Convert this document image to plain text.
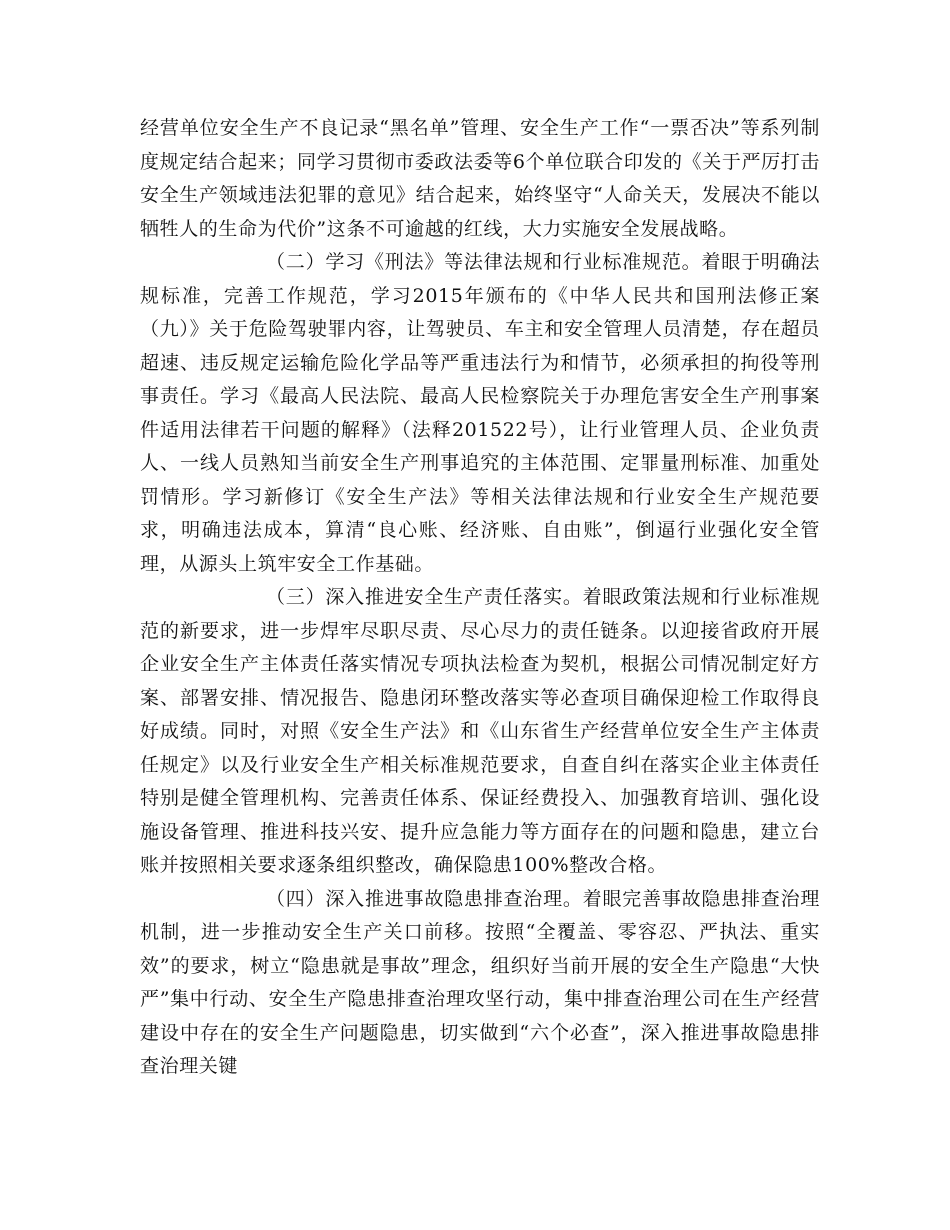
经营单位安全生产不良记录“黑名单”管理、安全生产工作“一票否决”等系列制度规定结合起来；同学习贯彻市委政法委等6个单位联合印发的《关于严厉打击安全生产领域违法犯罪的意见》结合起来，始终坚守“人命关天，发展决不能以牺牲人的生命为代价”这条不可逾越的红线，大力实施安全发展战略。

（二）学习《刑法》等法律法规和行业标准规范。着眼于明确法规标准，完善工作规范，学习2015年颁布的《中华人民共和国刑法修正案（九）》关于危险驾驶罪内容，让驾驶员、车主和安全管理人员清楚，存在超员超速、违反规定运输危险化学品等严重违法行为和情节，必须承担的拘役等刑事责任。学习《最高人民法院、最高人民检察院关于办理危害安全生产刑事案件适用法律若干问题的解释》（法释201522号），让行业管理人员、企业负责人、一线人员熟知当前安全生产刑事追究的主体范围、定罪量刑标准、加重处罚情形。学习新修订《安全生产法》等相关法律法规和行业安全生产规范要求，明确违法成本，算清“良心账、经济账、自由账”，倒逼行业强化安全管理，从源头上筑牢安全工作基础。

（三）深入推进安全生产责任落实。着眼政策法规和行业标准规范的新要求，进一步焊牢尽职尽责、尽心尽力的责任链条。以迎接省政府开展企业安全生产主体责任落实情况专项执法检查为契机，根据公司情况制定好方案、部署安排、情况报告、隐患闭环整改落实等必查项目确保迎检工作取得良好成绩。同时，对照《安全生产法》和《山东省生产经营单位安全生产主体责任规定》以及行业安全生产相关标准规范要求，自查自纠在落实企业主体责任特别是健全管理机构、完善责任体系、保证经费投入、加强教育培训、强化设施设备管理、推进科技兴安、提升应急能力等方面存在的问题和隐患，建立台账并按照相关要求逐条组织整改，确保隐患100%整改合格。

（四）深入推进事故隐患排查治理。着眼完善事故隐患排查治理机制，进一步推动安全生产关口前移。按照“全覆盖、零容忍、严执法、重实效”的要求，树立“隐患就是事故”理念，组织好当前开展的安全生产隐患“大快严”集中行动、安全生产隐患排查治理攻坚行动，集中排查治理公司在生产经营建设中存在的安全生产问题隐患，切实做到“六个必查”，深入推进事故隐患排查治理关键
